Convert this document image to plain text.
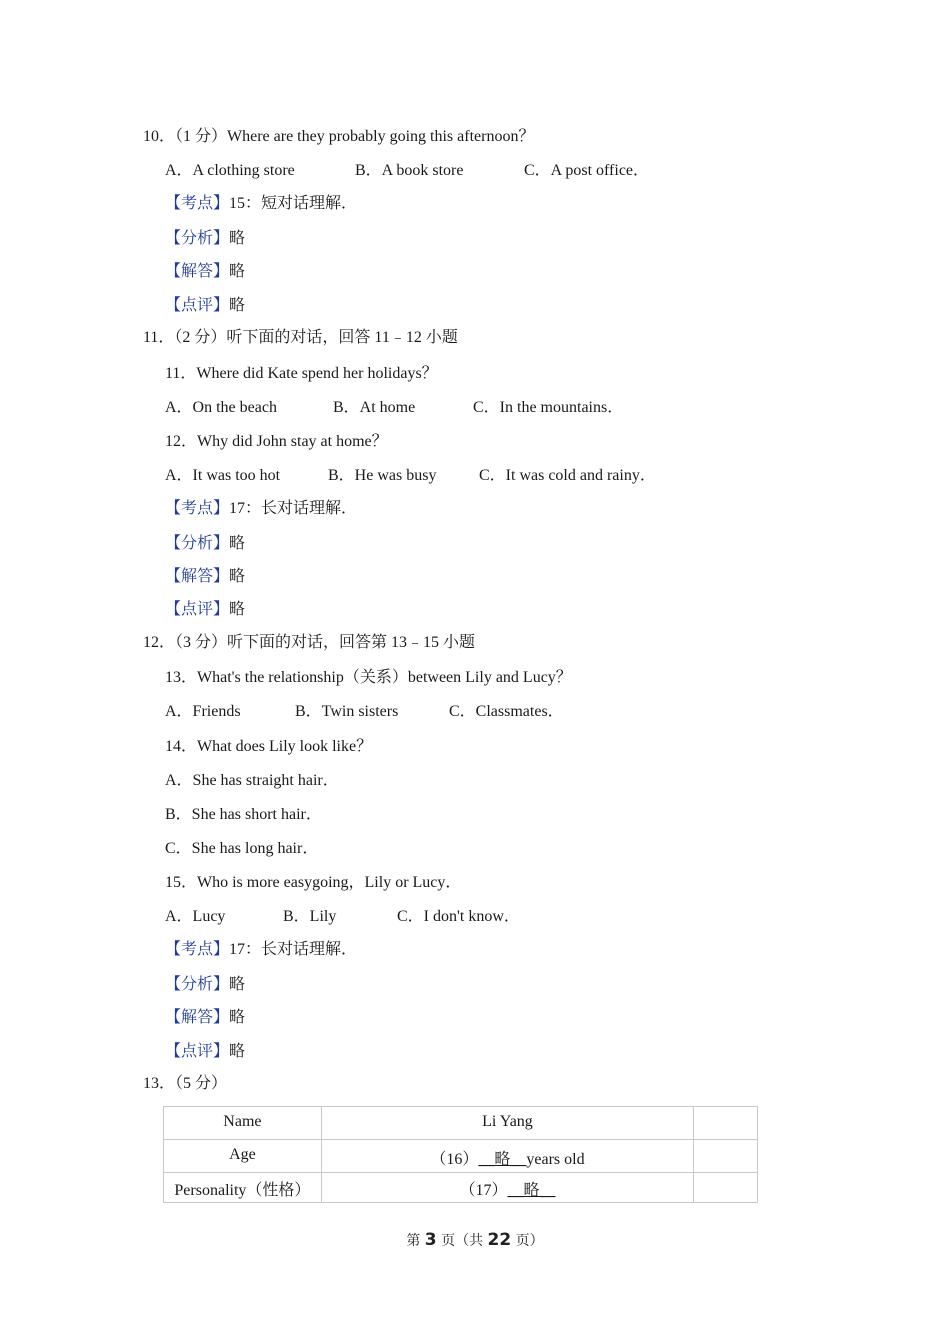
10．（1 分）Where are they probably going this afternoon？
A．A clothing store	B．A book store	C．A post office．
【考点】15：短对话理解．
【分析】略
【解答】略
【点评】略
11．（2 分）听下面的对话，回答 11﹣12 小题
11．Where did Kate spend her holidays？
A．On the beach	B．At home	C．In the mountains．
12．Why did John stay at home？
A．It was too hot	B．He was busy	C．It was cold and rainy．
【考点】17：长对话理解．
【分析】略
【解答】略
【点评】略
12．（3 分）听下面的对话，回答第 13﹣15 小题
13．What's the relationship（关系）between Lily and Lucy？
A．Friends	B．Twin sisters	C．Classmates．
14．What does Lily look like？
A．She has straight hair．
B．She has short hair．
C．She has long hair．
15．Who is more easygoing，Lily or Lucy．
A．Lucy	B．Lily	C．I don't know．
【考点】17：长对话理解．
【分析】略
【解答】略
【点评】略
13．（5 分）
Name	Li Yang	
Age	（16）＿略＿years old	
Personality（性格）	（17）＿略＿	
第 3 页（共 22 页）
